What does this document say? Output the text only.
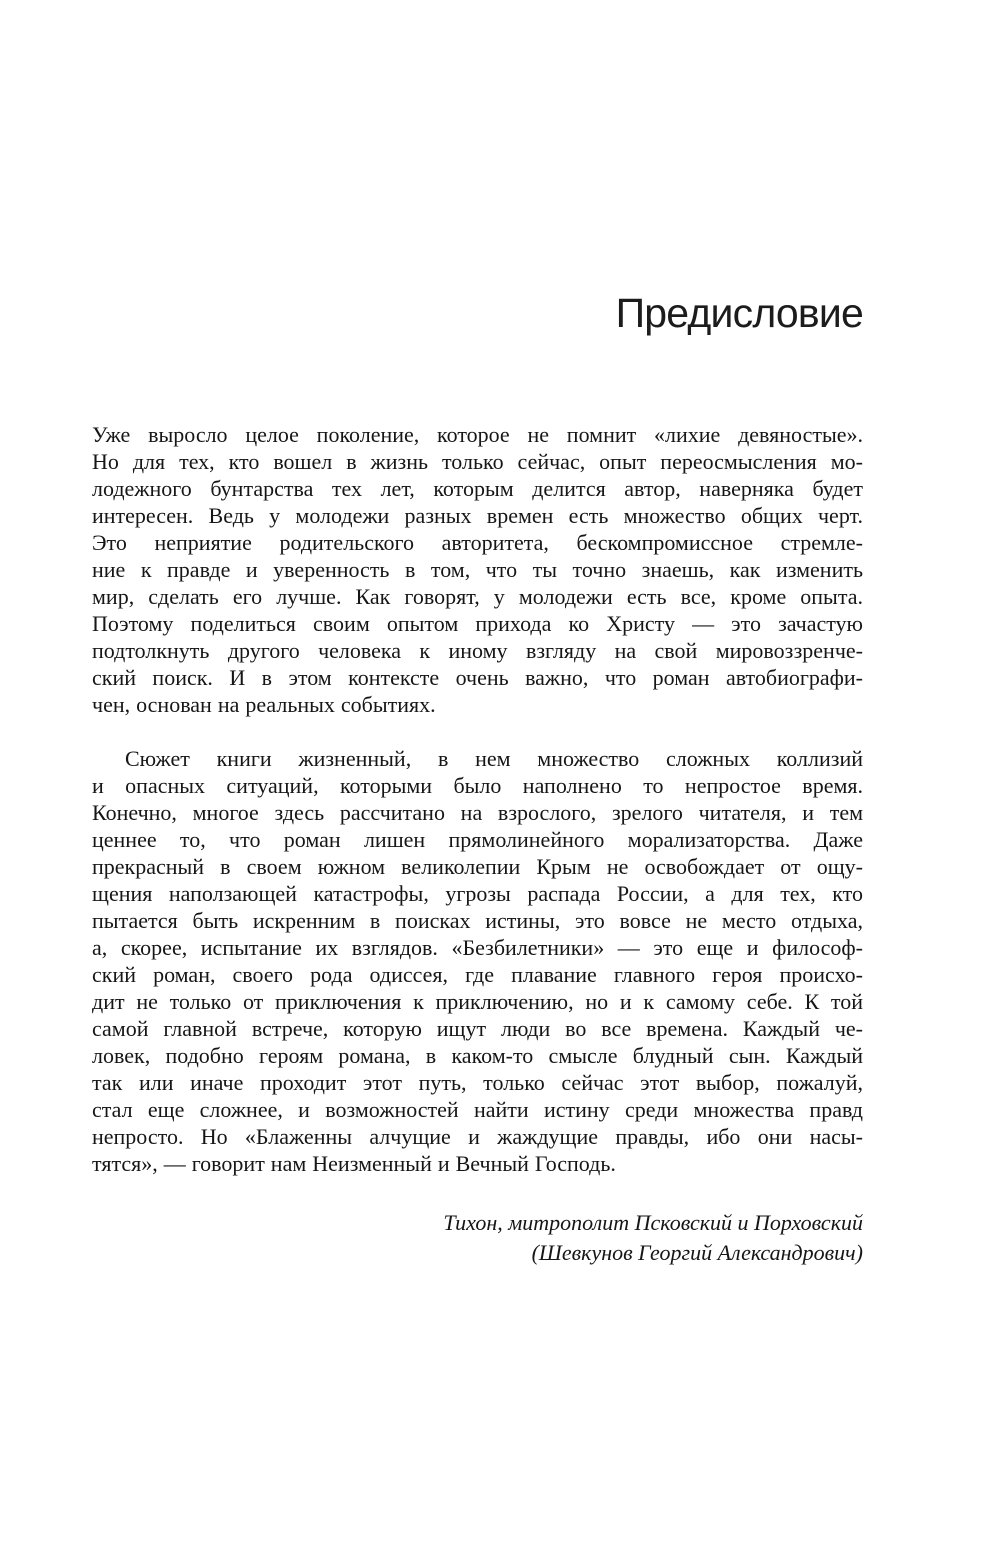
Предисловие
Уже выросло целое поколение, которое не помнит «лихие девяностые».
Но для тех, кто вошел в жизнь только сейчас, опыт переосмысления мо-
лодежного бунтарства тех лет, которым делится автор, наверняка будет
интересен. Ведь у молодежи разных времен есть множество общих черт.
Это неприятие родительского авторитета, бескомпромиссное стремле-
ние к правде и уверенность в том, что ты точно знаешь, как изменить
мир, сделать его лучше. Как говорят, у молодежи есть все, кроме опыта.
Поэтому поделиться своим опытом прихода ко Христу — это зачастую
подтолкнуть другого человека к иному взгляду на свой мировоззренче-
ский поиск. И в этом контексте очень важно, что роман автобиографи-
чен, основан на реальных событиях.
Сюжет книги жизненный, в нем множество сложных коллизий
и опасных ситуаций, которыми было наполнено то непростое время.
Конечно, многое здесь рассчитано на взрослого, зрелого читателя, и тем
ценнее то, что роман лишен прямолинейного морализаторства. Даже
прекрасный в своем южном великолепии Крым не освобождает от ощу-
щения наползающей катастрофы, угрозы распада России, а для тех, кто
пытается быть искренним в поисках истины, это вовсе не место отдыха,
а, скорее, испытание их взглядов. «Безбилетники» — это еще и философ-
ский роман, своего рода одиссея, где плавание главного героя происхо-
дит не только от приключения к приключению, но и к самому себе. К той
самой главной встрече, которую ищут люди во все времена. Каждый че-
ловек, подобно героям романа, в каком-то смысле блудный сын. Каждый
так или иначе проходит этот путь, только сейчас этот выбор, пожалуй,
стал еще сложнее, и возможностей найти истину среди множества правд
непросто. Но «Блаженны алчущие и жаждущие правды, ибо они насы-
тятся», — говорит нам Неизменный и Вечный Господь.
Тихон, митрополит Псковский и Порховский
(Шевкунов Георгий Александрович)
